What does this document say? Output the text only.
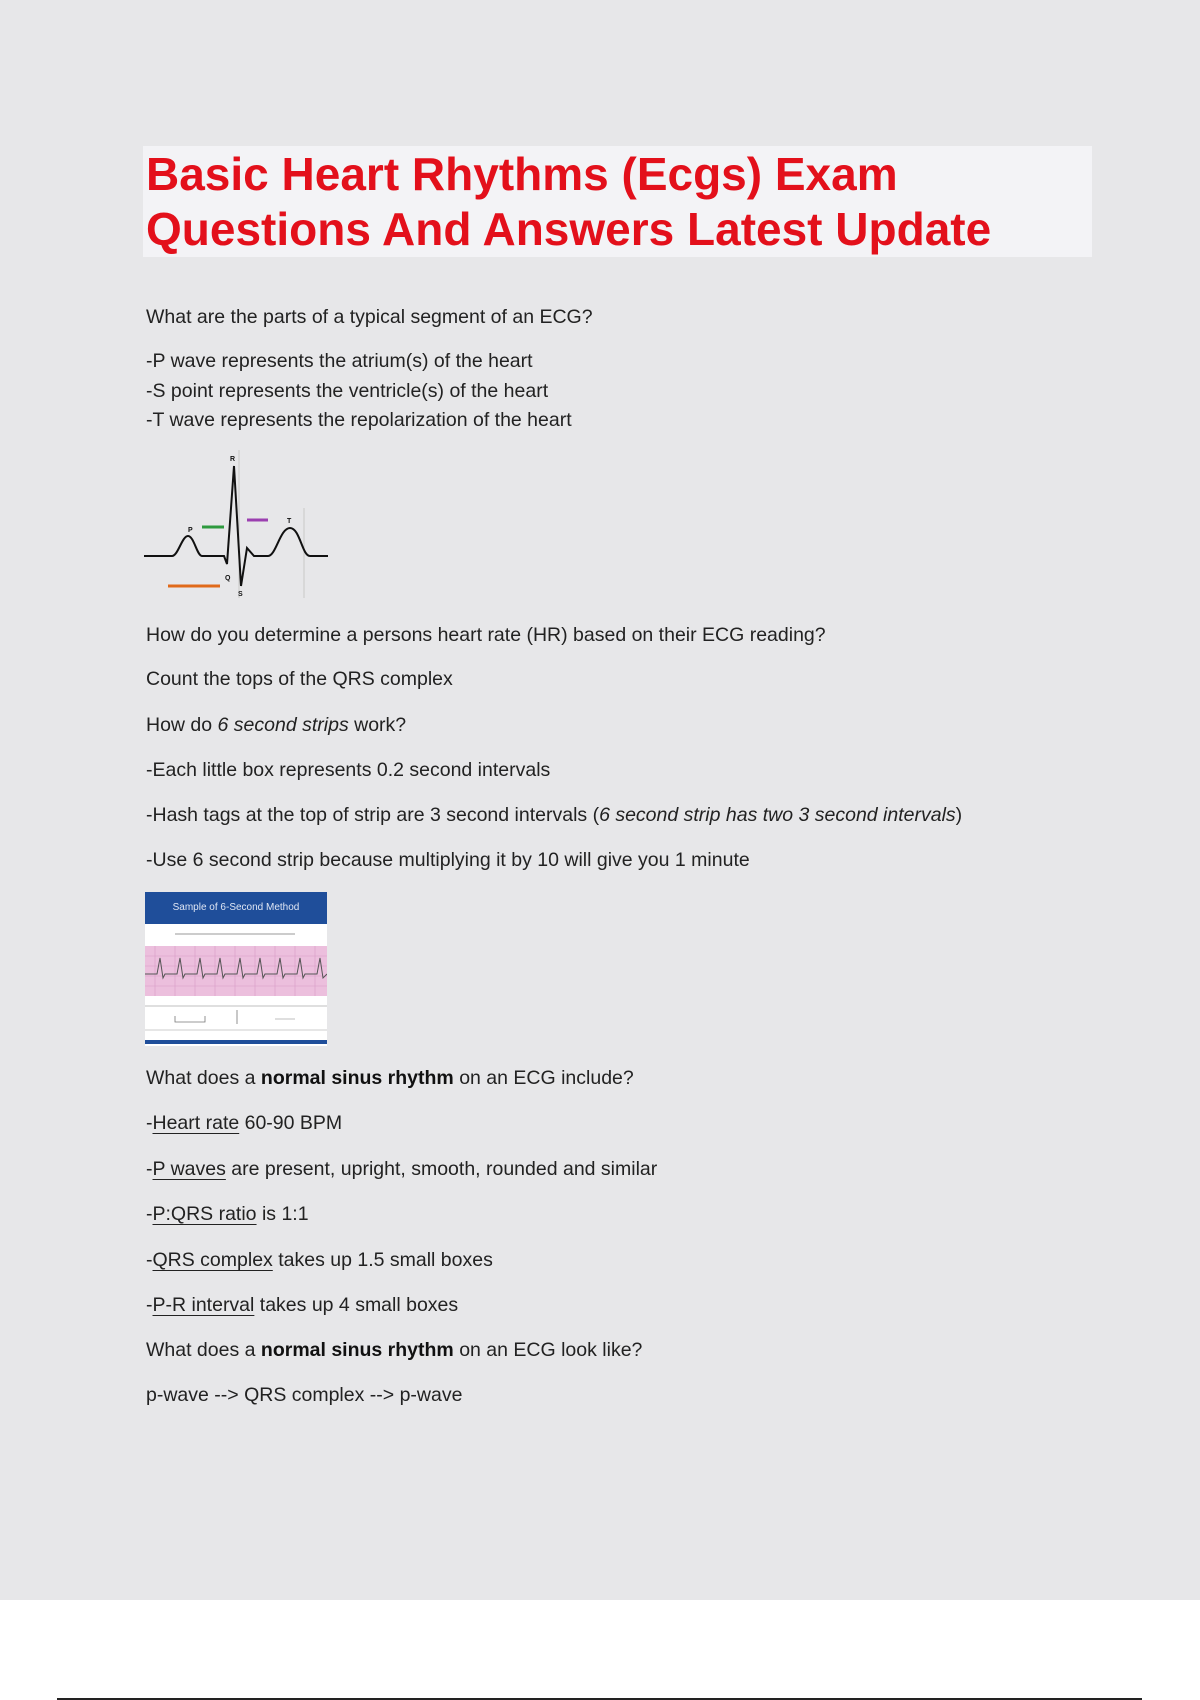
Basic Heart Rhythms (Ecgs) Exam
Questions And Answers Latest Update

What are the parts of a typical segment of an ECG?

-P wave represents the atrium(s) of the heart

-S point represents the ventricle(s) of the heart

-T wave represents the repolarization of the heart

R
P
Q
S
T

How do you determine a persons heart rate (HR) based on their ECG reading?

Count the tops of the QRS complex

How do 6 second strips work?

-Each little box represents 0.2 second intervals

-Hash tags at the top of strip are 3 second intervals (6 second strip has two 3 second intervals)

-Use 6 second strip because multiplying it by 10 will give you 1 minute

Sample of 6-Second Method

What does a normal sinus rhythm on an ECG include?

-Heart rate 60-90 BPM

-P waves are present, upright, smooth, rounded and similar

-P:QRS ratio is 1:1

-QRS complex takes up 1.5 small boxes

-P-R interval takes up 4 small boxes

What does a normal sinus rhythm on an ECG look like?

p-wave --> QRS complex --> p-wave
